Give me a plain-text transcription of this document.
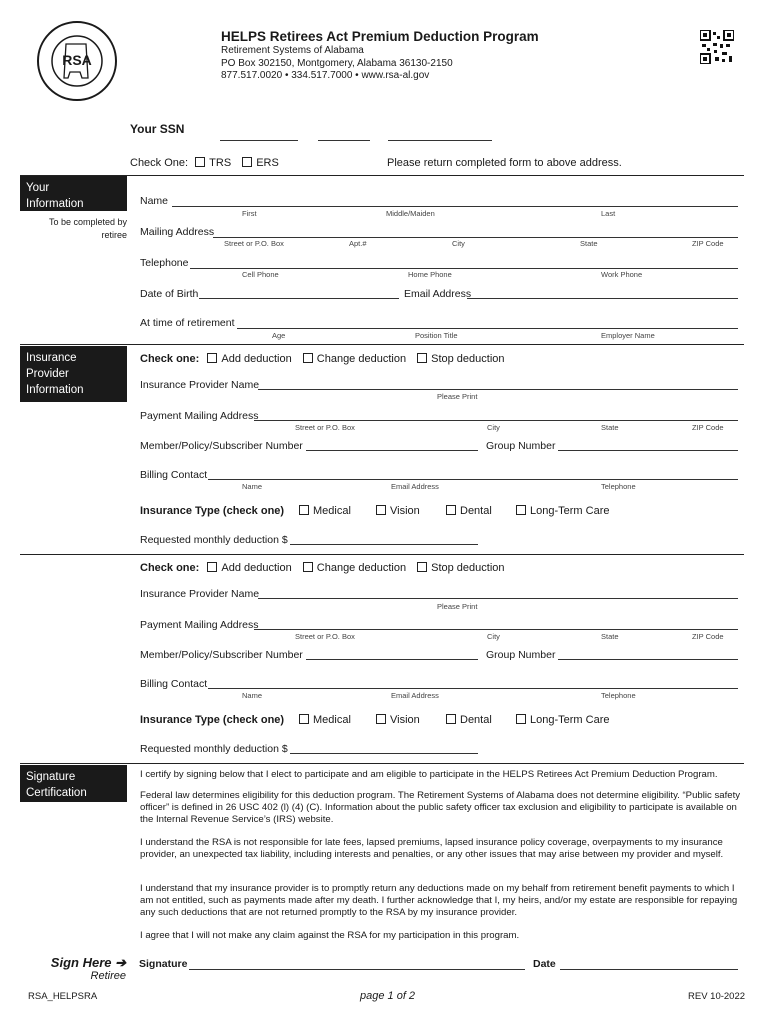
RSA
HELPS Retirees Act Premium Deduction Program
Retirement Systems of Alabama
PO Box 302150, Montgomery, Alabama 36130-2150
877.517.0020 • 334.517.7000 • www.rsa-al.gov
Your SSN
Check One: TRS ERS	Please return completed form to above address.
Your
Information
To be completed by
retiree
Name
First	Middle/Maiden	Last
Mailing Address
Street or P.O. Box	Apt.#	City	State	ZIP Code
Telephone
Cell Phone	Home Phone	Work Phone
Date of Birth	Email Address
At time of retirement
Age	Position Title	Employer Name
Insurance
Provider
Information
Check one: Add deduction Change deduction Stop deduction
Insurance Provider Name
Please Print
Payment Mailing Address
Street or P.O. Box	City	State	ZIP Code
Member/Policy/Subscriber Number	Group Number
Billing Contact
Name	Email Address	Telephone
Insurance Type (check one)	Medical	Vision	Dental	Long-Term Care
Requested monthly deduction $
Check one: Add deduction Change deduction Stop deduction
Insurance Provider Name
Please Print
Payment Mailing Address
Street or P.O. Box	City	State	ZIP Code
Member/Policy/Subscriber Number	Group Number
Billing Contact
Name	Email Address	Telephone
Insurance Type (check one)	Medical	Vision	Dental	Long-Term Care
Requested monthly deduction $
Signature
Certification
I certify by signing below that I elect to participate and am eligible to participate in the HELPS Retirees Act Premium Deduction Program.
Federal law determines eligibility for this deduction program. The Retirement Systems of Alabama does not determine eligibility. “Public safety officer” is defined in 26 USC 402 (l) (4) (C). Information about the public safety officer tax exclusion and eligibility to participate is available on the Internal Revenue Service’s (IRS) website.
I understand the RSA is not responsible for late fees, lapsed premiums, lapsed insurance policy coverage, overpayments to my insurance provider, an unexpected tax liability, including interests and penalties, or any other issues that may arise between my provider and myself.
I understand that my insurance provider is to promptly return any deductions made on my behalf from retirement benefit payments to which I am not entitled, such as payments made after my death. I further acknowledge that I, my heirs, and/or my estate are responsible for repaying any such deductions that are not returned promptly to the RSA by my insurance provider.
I agree that I will not make any claim against the RSA for my participation in this program.
Sign Here ➔
Retiree
Signature	Date
RSA_HELPSRA	page 1 of 2	REV 10-2022
